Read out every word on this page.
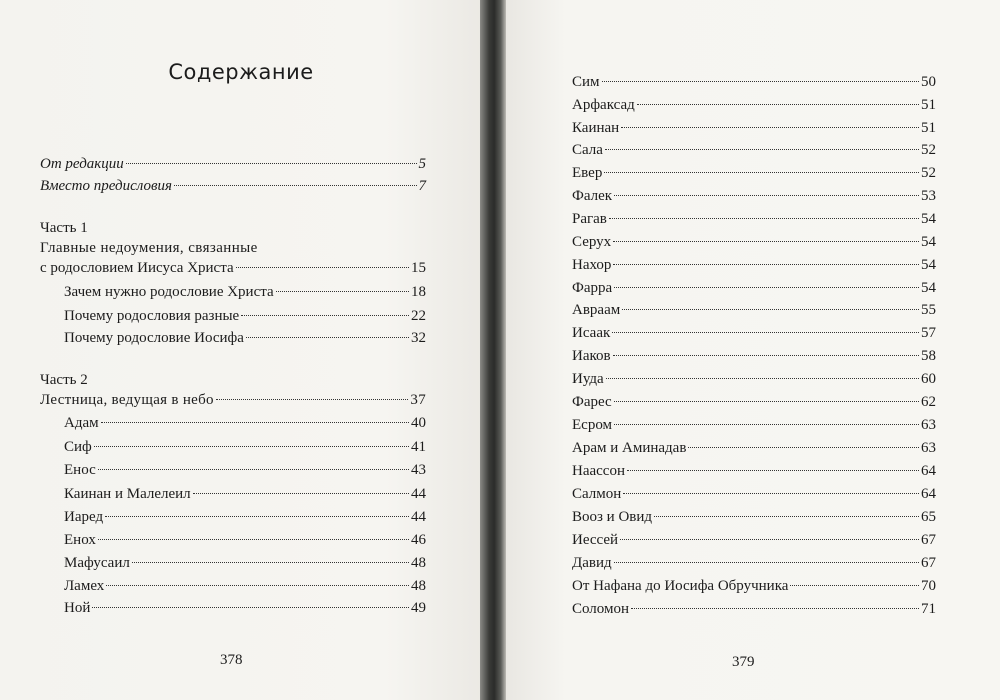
Содержание
От редакции	5
Вместо предисловия	7
Часть 1
Главные недоумения, связанные
с родословием Иисуса Христа	15
Зачем нужно родословие Христа	18
Почему родословия разные	22
Почему родословие Иосифа	32
Часть 2
Лестница, ведущая в небо	37
Адам	40
Сиф	41
Енос	43
Каинан и Малелеил	44
Иаред	44
Енох	46
Мафусаил	48
Ламех	48
Ной	49
378
Сим	50
Арфаксад	51
Каинан	51
Сала	52
Евер	52
Фалек	53
Рагав	54
Серух	54
Нахор	54
Фарра	54
Авраам	55
Исаак	57
Иаков	58
Иуда	60
Фарес	62
Есром	63
Арам и Аминадав	63
Наассон	64
Салмон	64
Вооз и Овид	65
Иессей	67
Давид	67
От Нафана до Иосифа Обручника	70
Соломон	71
379
